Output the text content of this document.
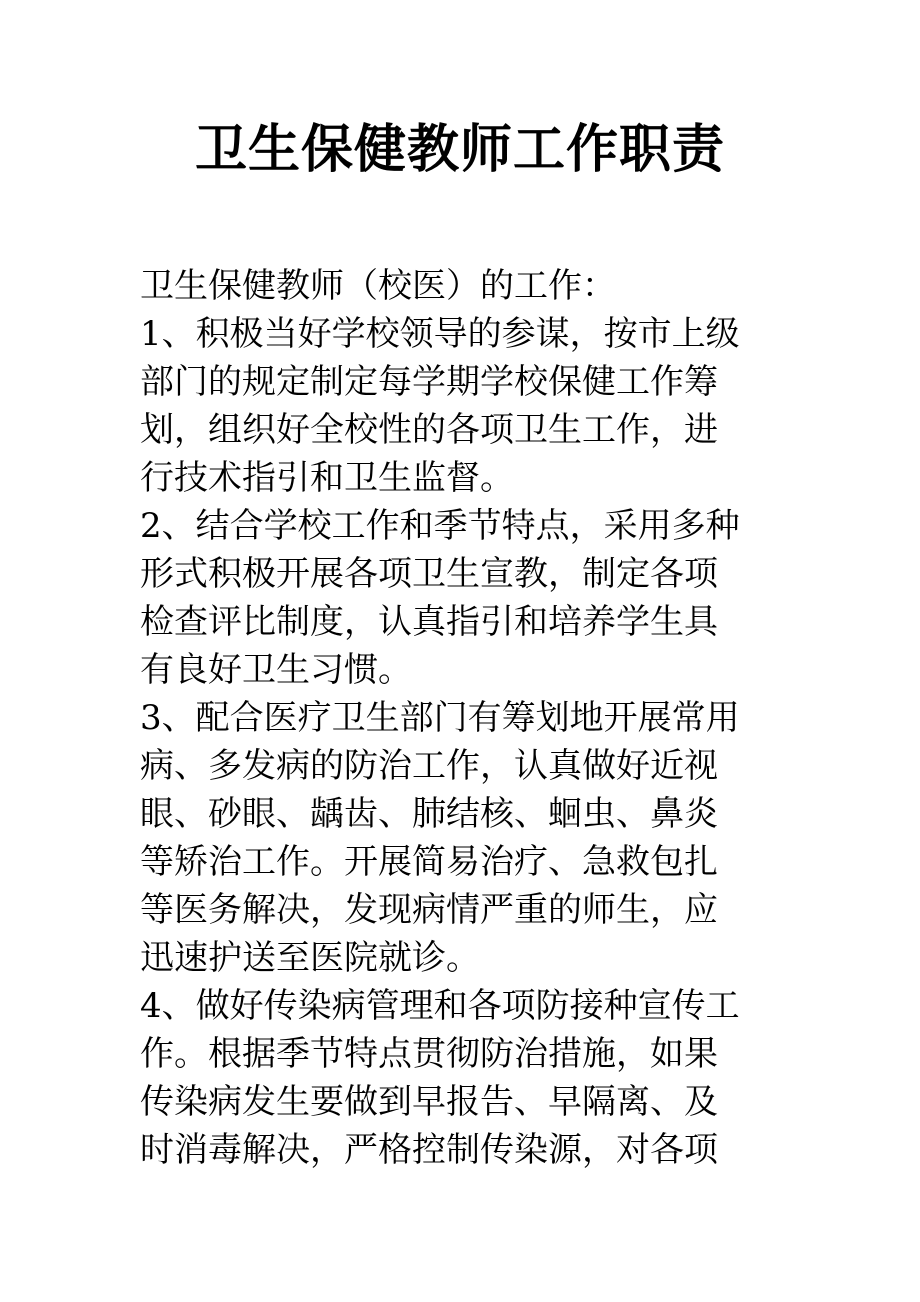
卫生保健教师工作职责
卫生保健教师（校医）的工作：
1、积极当好学校领导的参谋，按市上级
部门的规定制定每学期学校保健工作筹
划，组织好全校性的各项卫生工作，进
行技术指引和卫生监督。
2、结合学校工作和季节特点，采用多种
形式积极开展各项卫生宣教，制定各项
检查评比制度，认真指引和培养学生具
有良好卫生习惯。
3、配合医疗卫生部门有筹划地开展常用
病、多发病的防治工作，认真做好近视
眼、砂眼、龋齿、肺结核、蛔虫、鼻炎
等矫治工作。开展简易治疗、急救包扎
等医务解决，发现病情严重的师生，应
迅速护送至医院就诊。
4、做好传染病管理和各项防接种宣传工
作。根据季节特点贯彻防治措施，如果
传染病发生要做到早报告、早隔离、及
时消毒解决，严格控制传染源，对各项
